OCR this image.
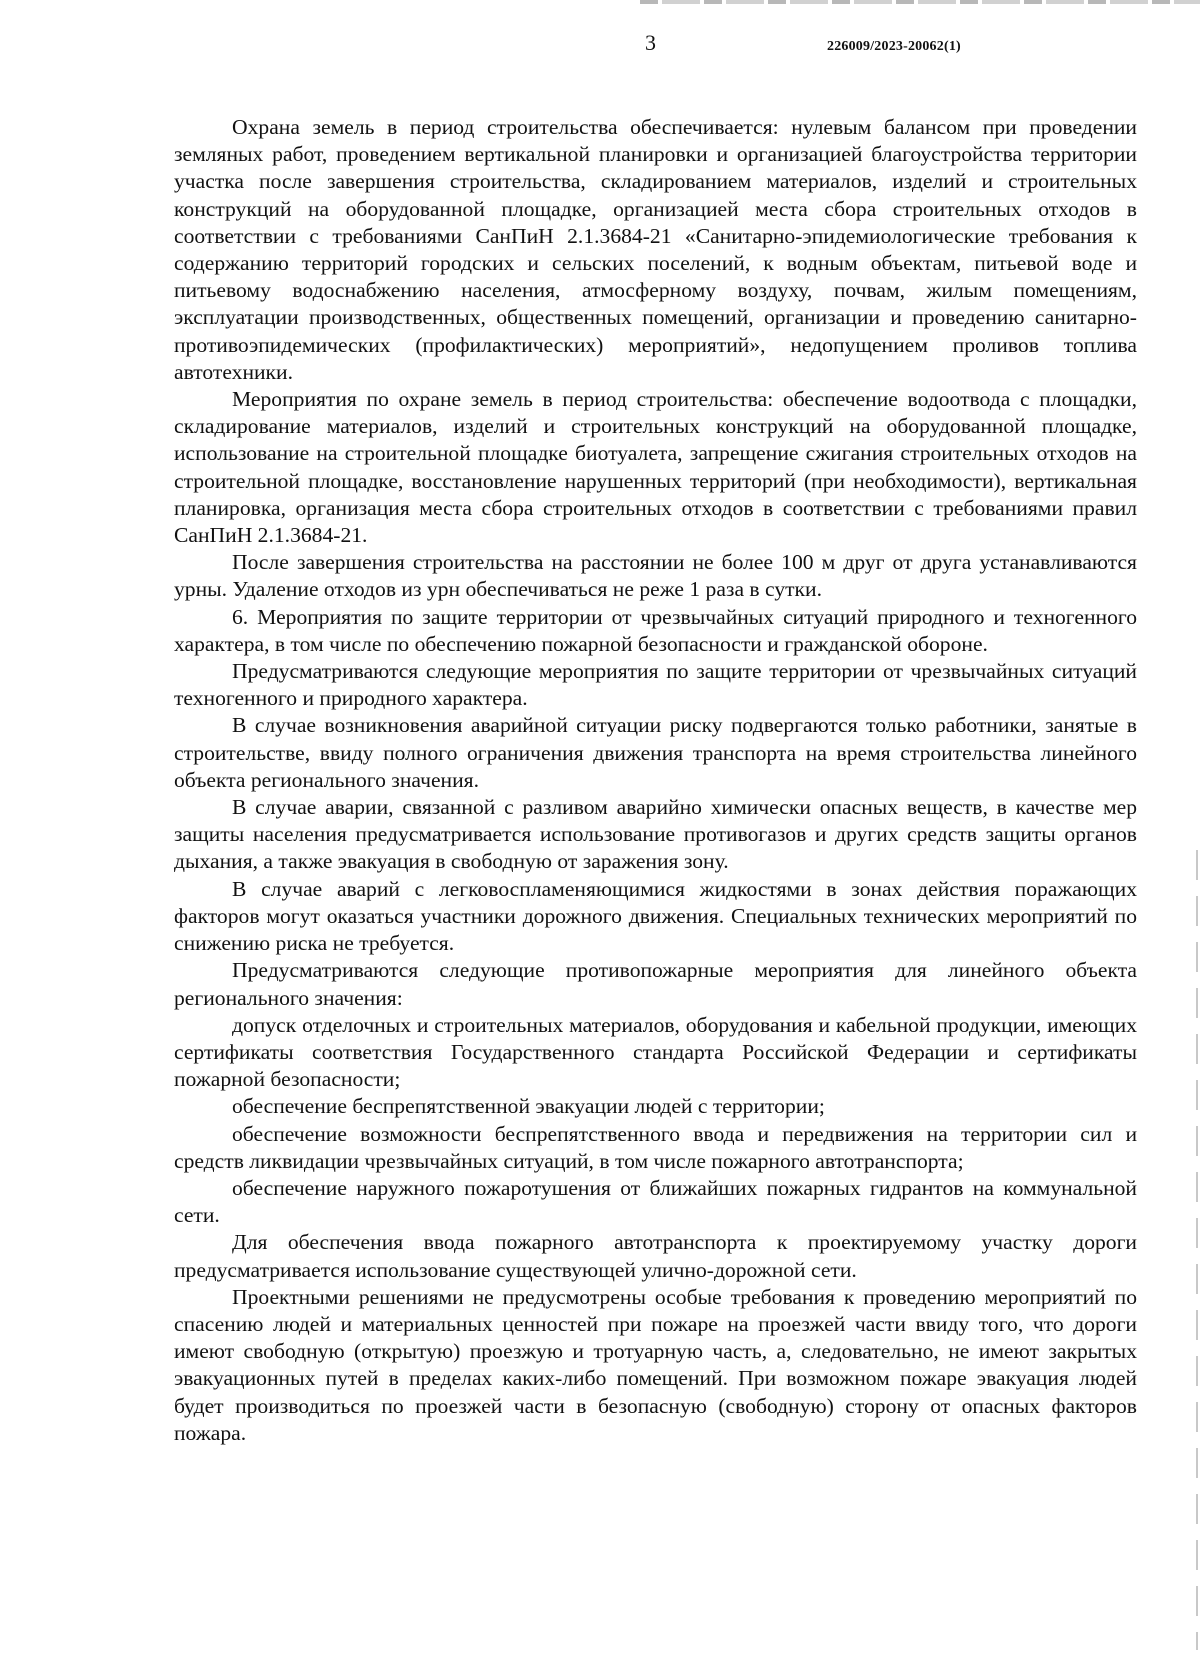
3	226009/2023-20062(1)

Охрана земель в период строительства обеспечивается: нулевым балансом при проведении земляных работ, проведением вертикальной планировки и организацией благоустройства территории участка после завершения строительства, складированием материалов, изделий и строительных конструкций на оборудованной площадке, организацией места сбора строительных отходов в соответствии с требованиями СанПиН 2.1.3684-21 «Санитарно-эпидемиологические требования к содержанию территорий городских и сельских поселений, к водным объектам, питьевой воде и питьевому водоснабжению населения, атмосферному воздуху, почвам, жилым помещениям, эксплуатации производственных, общественных помещений, организации и проведению санитарно-противоэпидемических (профилактических) мероприятий», недопущением проливов топлива автотехники.

Мероприятия по охране земель в период строительства: обеспечение водоотвода с площадки, складирование материалов, изделий и строительных конструкций на оборудованной площадке, использование на строительной площадке биотуалета, запрещение сжигания строительных отходов на строительной площадке, восстановление нарушенных территорий (при необходимости), вертикальная планировка, организация места сбора строительных отходов в соответствии с требованиями правил СанПиН 2.1.3684-21.

После завершения строительства на расстоянии не более 100 м друг от друга устанавливаются урны. Удаление отходов из урн обеспечиваться не реже 1 раза в сутки.

6. Мероприятия по защите территории от чрезвычайных ситуаций природного и техногенного характера, в том числе по обеспечению пожарной безопасности и гражданской обороне.

Предусматриваются следующие мероприятия по защите территории от чрезвычайных ситуаций техногенного и природного характера.

В случае возникновения аварийной ситуации риску подвергаются только работники, занятые в строительстве, ввиду полного ограничения движения транспорта на время строительства линейного объекта регионального значения.

В случае аварии, связанной с разливом аварийно химически опасных веществ, в качестве мер защиты населения предусматривается использование противогазов и других средств защиты органов дыхания, а также эвакуация в свободную от заражения зону.

В случае аварий с легковоспламеняющимися жидкостями в зонах действия поражающих факторов могут оказаться участники дорожного движения. Специальных технических мероприятий по снижению риска не требуется.

Предусматриваются следующие противопожарные мероприятия для линейного объекта регионального значения:

допуск отделочных и строительных материалов, оборудования и кабельной продукции, имеющих сертификаты соответствия Государственного стандарта Российской Федерации и сертификаты пожарной безопасности;

обеспечение беспрепятственной эвакуации людей с территории;

обеспечение возможности беспрепятственного ввода и передвижения на территории сил и средств ликвидации чрезвычайных ситуаций, в том числе пожарного автотранспорта;

обеспечение наружного пожаротушения от ближайших пожарных гидрантов на коммунальной сети.

Для обеспечения ввода пожарного автотранспорта к проектируемому участку дороги предусматривается использование существующей улично-дорожной сети.

Проектными решениями не предусмотрены особые требования к проведению мероприятий по спасению людей и материальных ценностей при пожаре на проезжей части ввиду того, что дороги имеют свободную (открытую) проезжую и тротуарную часть, а, следовательно, не имеют закрытых эвакуационных путей в пределах каких-либо помещений. При возможном пожаре эвакуация людей будет производиться по проезжей части в безопасную (свободную) сторону от опасных факторов пожара.
